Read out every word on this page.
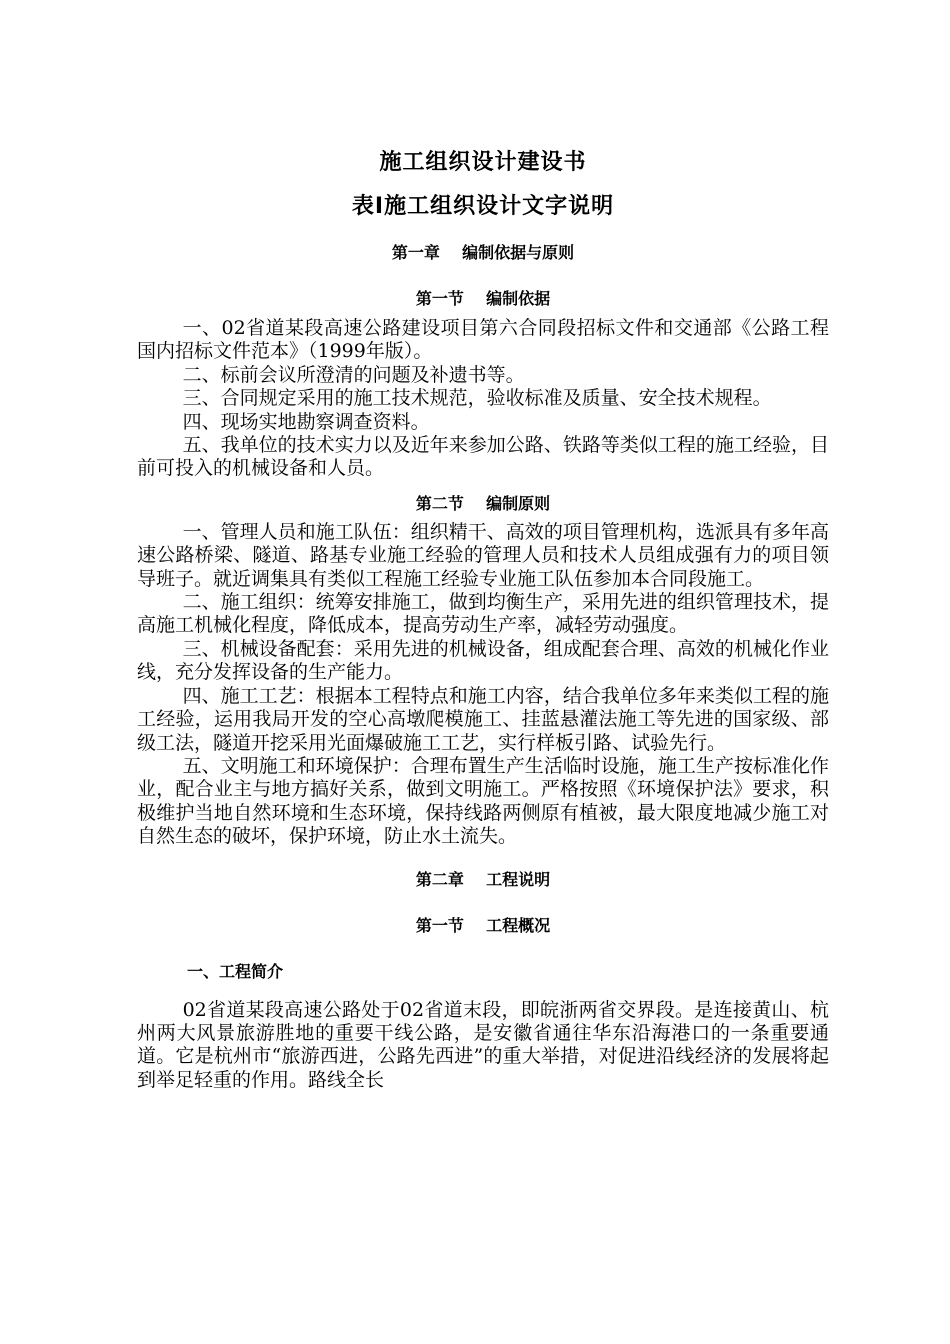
施工组织设计建设书
表Ⅰ施工组织设计文字说明
第一章    编制依据与原则
第一节    编制依据

一、02省道某段高速公路建设项目第六合同段招标文件和交通部《公路工程国内招标文件范本》（1999年版）。

二、标前会议所澄清的问题及补遗书等。

三、合同规定采用的施工技术规范，验收标准及质量、安全技术规程。

四、现场实地勘察调查资料。

五、我单位的技术实力以及近年来参加公路、铁路等类似工程的施工经验，目前可投入的机械设备和人员。

第二节    编制原则

一、管理人员和施工队伍：组织精干、高效的项目管理机构，选派具有多年高速公路桥梁、隧道、路基专业施工经验的管理人员和技术人员组成强有力的项目领导班子。就近调集具有类似工程施工经验专业施工队伍参加本合同段施工。

二、施工组织：统筹安排施工，做到均衡生产，采用先进的组织管理技术，提高施工机械化程度，降低成本，提高劳动生产率，减轻劳动强度。

三、机械设备配套：采用先进的机械设备，组成配套合理、高效的机械化作业线，充分发挥设备的生产能力。

四、施工工艺：根据本工程特点和施工内容，结合我单位多年来类似工程的施工经验，运用我局开发的空心高墩爬模施工、挂蓝悬灌法施工等先进的国家级、部级工法，隧道开挖采用光面爆破施工工艺，实行样板引路、试验先行。

五、文明施工和环境保护：合理布置生产生活临时设施，施工生产按标准化作业，配合业主与地方搞好关系，做到文明施工。严格按照《环境保护法》要求，积极维护当地自然环境和生态环境，保持线路两侧原有植被，最大限度地减少施工对自然生态的破坏，保护环境，防止水土流失。

第二章    工程说明
第一节    工程概况
一、工程简介

02省道某段高速公路处于02省道末段，即皖浙两省交界段。是连接黄山、杭州两大风景旅游胜地的重要干线公路，是安徽省通往华东沿海港口的一条重要通道。它是杭州市“旅游西进，公路先西进”的重大举措，对促进沿线经济的发展将起到举足轻重的作用。路线全长
